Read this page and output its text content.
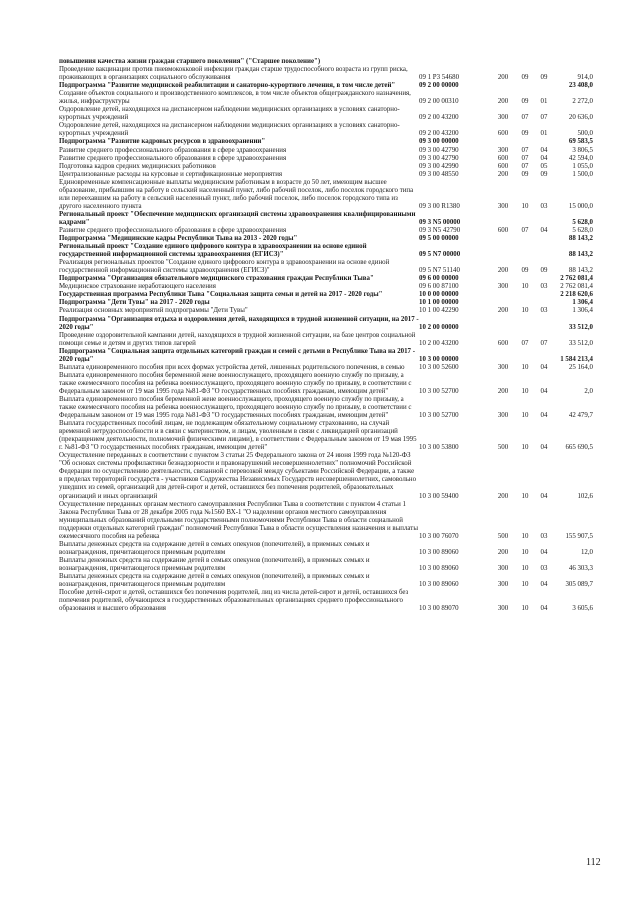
повышения качества жизни граждан старшего поколения" ("Старшее поколение")					
Проведение вакцинации против пневмококковой инфекции граждан старше трудоспособного возраста из групп риска, проживающих в организациях социального обслуживания	09 1 P3 54680	200	09	09	914,0
Подпрограмма "Развитие медицинской реабилитации и санаторно-курортного лечения, в том числе детей"	09 2 00 00000				23 408,0
Создание объектов социального и производственного комплексов, в том числе объектов общегражданского назначения, жилья, инфраструктуры	09 2 00 00310	200	09	01	2 272,0
Оздоровление детей, находящихся на диспансерном наблюдении медицинских организациях в условиях санаторно-курортных учреждений	09 2 00 43200	300	07	07	20 636,0
Оздоровление детей, находящихся на диспансерном наблюдении медицинских организациях в условиях санаторно-курортных учреждений	09 2 00 43200	600	09	01	500,0
Подпрограмма "Развитие кадровых ресурсов в здравоохранении"	09 3 00 00000				69 583,5
Развитие среднего профессионального образования в сфере здравоохранения	09 3 00 42790	300	07	04	3 806,5
Развитие среднего профессионального образования в сфере здравоохранения	09 3 00 42790	600	07	04	42 594,0
Подготовка кадров средних медицинских работников	09 3 00 42990	600	07	05	1 055,0
Централизованные расходы на курсовые и сертификационные мероприятия	09 3 00 48550	200	09	09	1 500,0
Единовременные компенсационные выплаты медицинским работникам в возрасте до 50 лет, имеющим высшее образование, прибывшим на работу в сельский населенный пункт, либо рабочий поселок, либо поселок городского типа или переехавшим на работу в сельский населенный пункт, либо рабочий поселок, либо поселок городского типа из другого населенного пункта	09 3 00 R1380	300	10	03	15 000,0
Региональный проект "Обеспечение медицинских организаций системы здравоохранения квалифицированными кадрами"	09 3 N5 00000				5 628,0
Развитие среднего профессионального образования в сфере здравоохранения	09 3 N5 42790	600	07	04	5 628,0
Подпрограмма "Медицинские кадры Республики Тыва на 2013 - 2020 годы"	09 5 00 00000				88 143,2
Региональный проект "Создание единого цифрового контура в здравоохранении на основе единой государственной информационной системы здравоохранения (ЕГИСЗ)"	09 5 N7 00000				88 143,2
Реализация региональных проектов "Создание единого цифрового контура в здравоохранении на основе единой государственной информационной системы здравоохранения (ЕГИСЗ)"	09 5 N7 51140	200	09	09	88 143,2
Подпрограмма "Организация обязательного медицинского страхования граждан Республики Тыва"	09 6 00 00000				2 762 081,4
Медицинское страхование неработающего населения	09 6 00 87100	300	10	03	2 762 081,4
Государственная программа Республики Тыва "Социальная защита семьи и детей на 2017 - 2020 годы"	10 0 00 00000				2 218 620,6
Подпрограмма "Дети Тувы" на 2017 - 2020 годы	10 1 00 00000				1 306,4
Реализация основных мероприятий подпрограммы "Дети Тувы"	10 1 00 42290	200	10	03	1 306,4
Подпрограмма "Организация отдыха и оздоровления детей, находящихся в трудной жизненной ситуации, на 2017 - 2020 годы"	10 2 00 00000				33 512,0
Проведение оздоровительной кампании детей, находящихся в трудной жизненной ситуации, на базе центров социальной помощи семье и детям и других типов лагерей	10 2 00 43200	600	07	07	33 512,0
Подпрограмма "Социальная защита отдельных категорий граждан и семей с детьми в Республике Тыва на 2017 - 2020 годы"	10 3 00 00000				1 584 213,4
Выплата единовременного пособия при всех формах устройства детей, лишенных родительского попечения, в семью	10 3 00 52600	300	10	04	25 164,0
Выплата единовременного пособия беременной жене военнослужащего, проходящего военную службу по призыву, а также ежемесячного пособия на ребенка военнослужащего, проходящего военную службу по призыву, в соответствии с Федеральным законом от 19 мая 1995 года №81-ФЗ "О государственных пособиях гражданам, имеющим детей"	10 3 00 52700	200	10	04	2,0
Выплата единовременного пособия беременной жене военнослужащего, проходящего военную службу по призыву, а также ежемесячного пособия на ребенка военнослужащего, проходящего военную службу по призыву, в соответствии с Федеральным законом от 19 мая 1995 года №81-ФЗ "О государственных пособиях гражданам, имеющим детей"	10 3 00 52700	300	10	04	42 479,7
Выплата государственных пособий лицам, не подлежащим обязательному социальному страхованию, на случай временной нетрудоспособности и в связи с материнством, и лицам, уволенным в связи с ликвидацией организаций (прекращением деятельности, полномочий физическими лицами), в соответствии с Федеральным законом от 19 мая 1995 г. №81-ФЗ "О государственных пособиях гражданам, имеющим детей"	10 3 00 53800	500	10	04	665 690,5
Осуществление переданных в соответствии с пунктом 3 статьи 25 Федерального закона от 24 июня 1999 года №120-ФЗ "Об основах системы профилактики безнадзорности и правонарушений несовершеннолетних" полномочий Российской Федерации по осуществлению деятельности, связанной с перевозкой между субъектами Российской Федерации, а также в пределах территорий государств - участников Содружества Независимых Государств несовершеннолетних, самовольно ушедших из семей, организаций для детей-сирот и детей, оставшихся без попечения родителей, образовательных организаций и иных организаций	10 3 00 59400	200	10	04	102,6
Осуществление переданных органам местного самоуправления Республики Тыва в соответствии с пунктом 4 статьи 1 Закона Республики Тыва от 28 декабря 2005 года №1560 ВХ-1 "О наделении органов местного самоуправления муниципальных образований отдельными государственными полномочиями Республики Тыва в области социальной поддержки отдельных категорий граждан" полномочий Республики Тыва в области осуществления назначения и выплаты ежемесячного пособия на ребенка	10 3 00 76070	500	10	03	155 907,5
Выплаты денежных средств на содержание детей в семьях опекунов (попечителей), в приемных семьях и вознаграждения, причитающегося приемным родителям	10 3 00 89060	200	10	04	12,0
Выплаты денежных средств на содержание детей в семьях опекунов (попечителей), в приемных семьях и вознаграждения, причитающегося приемным родителям	10 3 00 89060	300	10	03	46 303,3
Выплаты денежных средств на содержание детей в семьях опекунов (попечителей), в приемных семьях и вознаграждения, причитающегося приемным родителям	10 3 00 89060	300	10	04	305 089,7
Пособие детей-сирот и детей, оставшихся без попечения родителей, лиц из числа детей-сирот и детей, оставшихся без попечения родителей, обучающихся в государственных образовательных организациях среднего профессионального образования и высшего образования	10 3 00 89070	300	10	04	3 605,6
112
